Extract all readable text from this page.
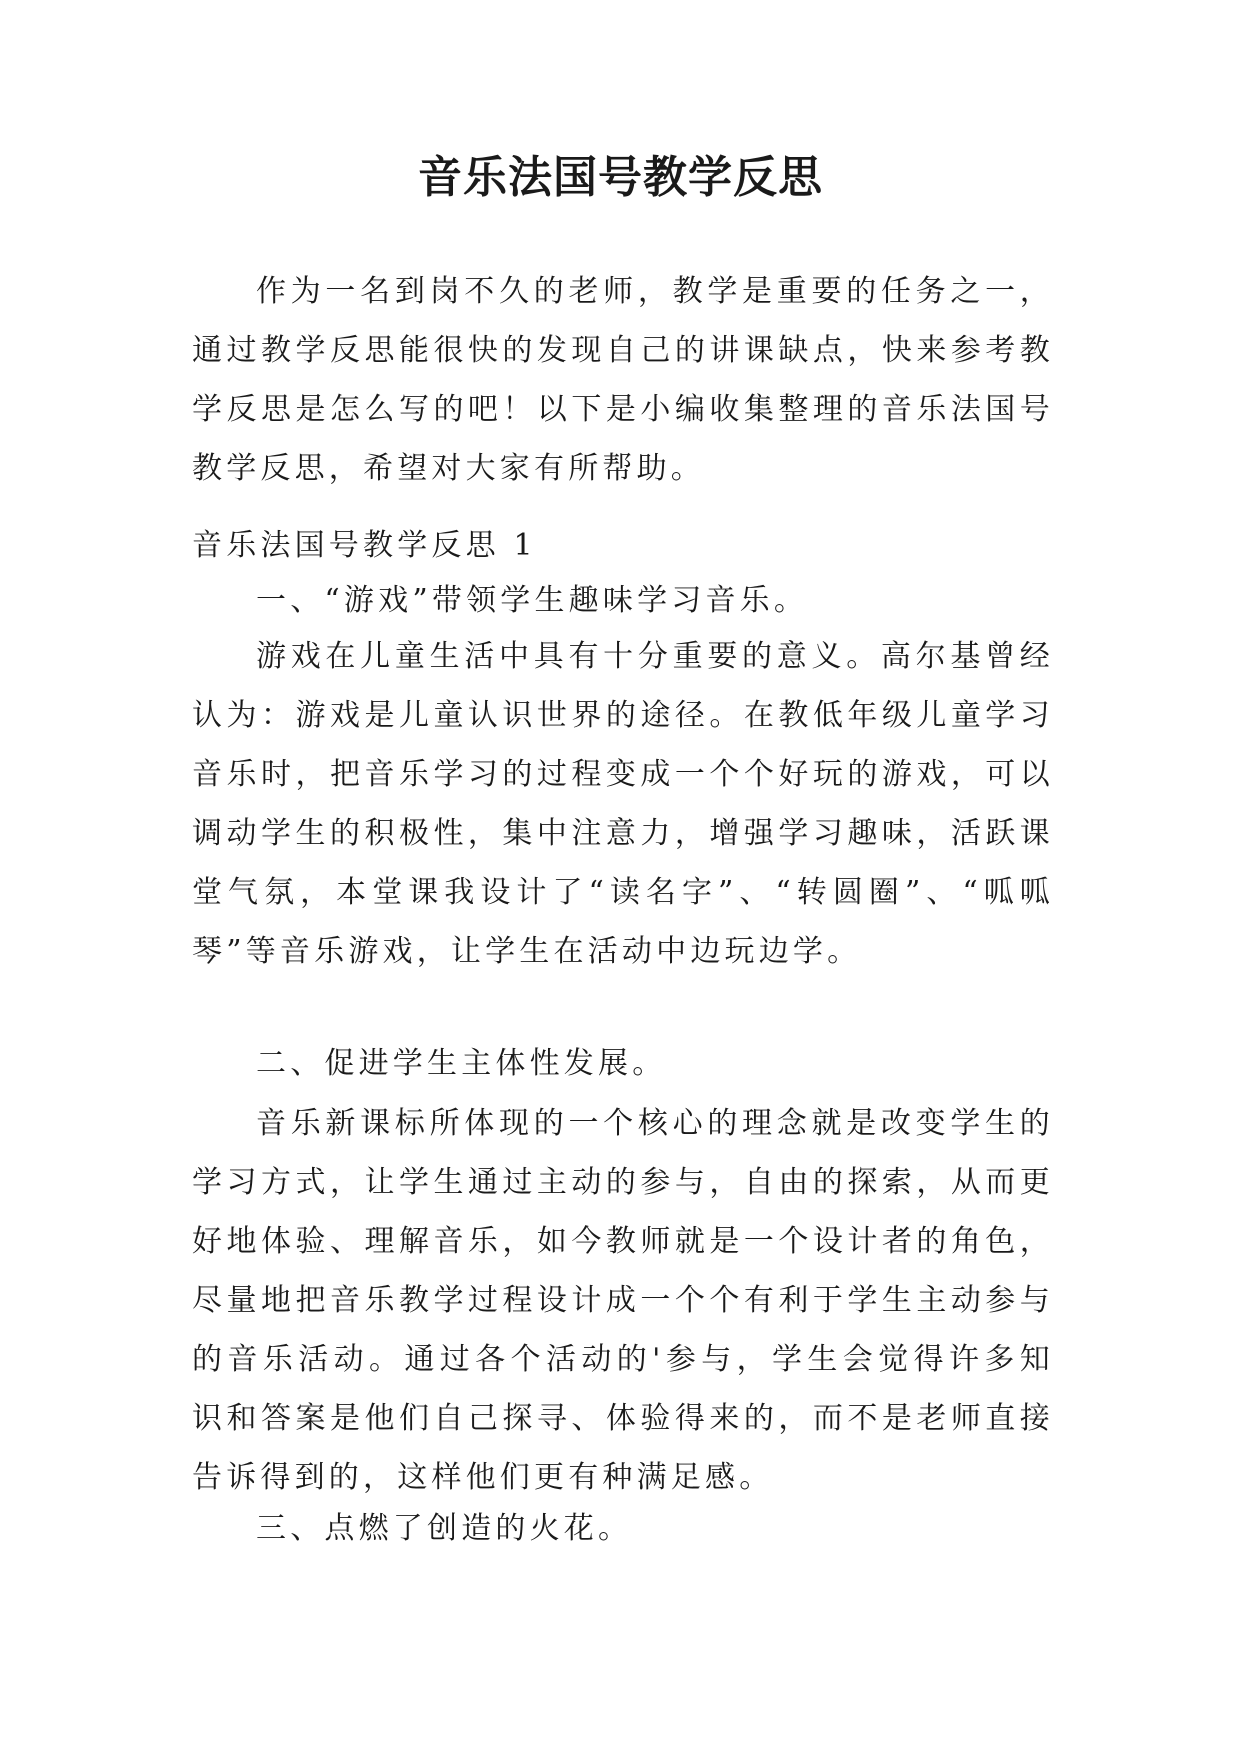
音乐法国号教学反思

作为一名到岗不久的老师，教学是重要的任务之一，通过教学反思能很快的发现自己的讲课缺点，快来参考教学反思是怎么写的吧！以下是小编收集整理的音乐法国号教学反思，希望对大家有所帮助。

音乐法国号教学反思 1

一、“游戏”带领学生趣味学习音乐。

游戏在儿童生活中具有十分重要的意义。高尔基曾经认为：游戏是儿童认识世界的途径。在教低年级儿童学习音乐时，把音乐学习的过程变成一个个好玩的游戏，可以调动学生的积极性，集中注意力，增强学习趣味，活跃课堂气氛，本堂课我设计了“读名字”、“转圆圈”、“呱呱琴”等音乐游戏，让学生在活动中边玩边学。

二、促进学生主体性发展。

音乐新课标所体现的一个核心的理念就是改变学生的学习方式，让学生通过主动的参与，自由的探索，从而更好地体验、理解音乐，如今教师就是一个设计者的角色，尽量地把音乐教学过程设计成一个个有利于学生主动参与的音乐活动。通过各个活动的'参与，学生会觉得许多知识和答案是他们自己探寻、体验得来的，而不是老师直接告诉得到的，这样他们更有种满足感。

三、点燃了创造的火花。
